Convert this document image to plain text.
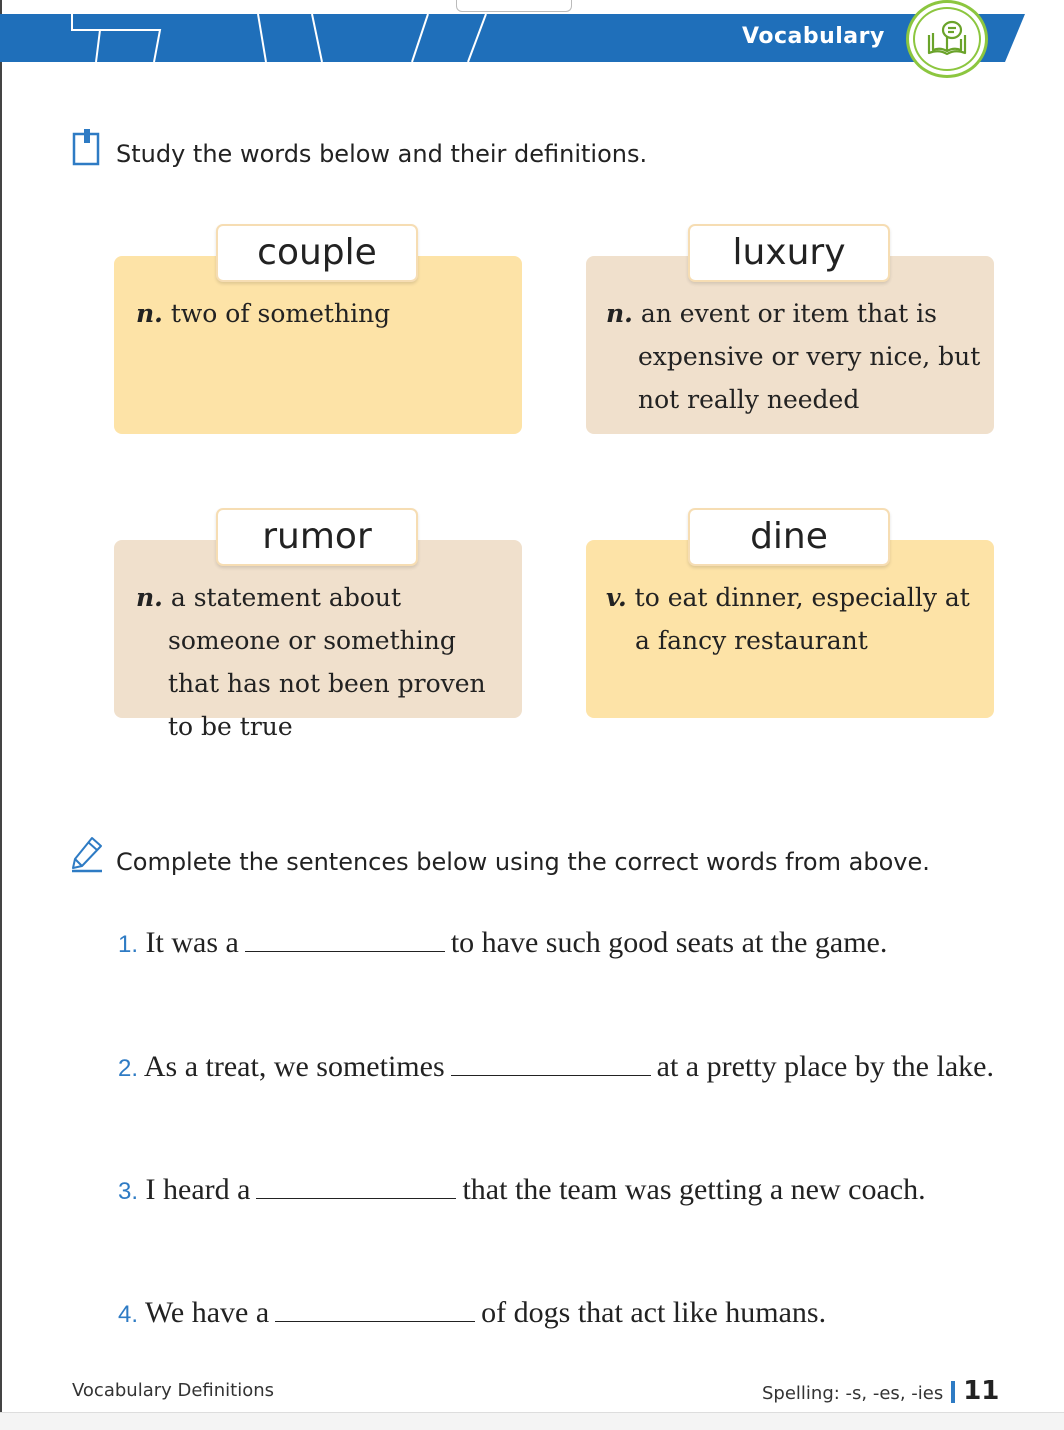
Vocabulary
Study the words below and their definitions.
couple
n. two of something
luxury
n. an event or item that is
expensive or very nice, but
not really needed
rumor
n. a statement about
someone or something
that has not been proven
to be true
dine
v. to eat dinner, especially at
a fancy restaurant
Complete the sentences below using the correct words from above.
1. It was a	to have such good seats at the game.
2. As a treat, we sometimes	at a pretty place by the lake.
3. I heard a	that the team was getting a new coach.
4. We have a	of dogs that act like humans.
Vocabulary Definitions	Spelling: -s, -es, -ies 11
